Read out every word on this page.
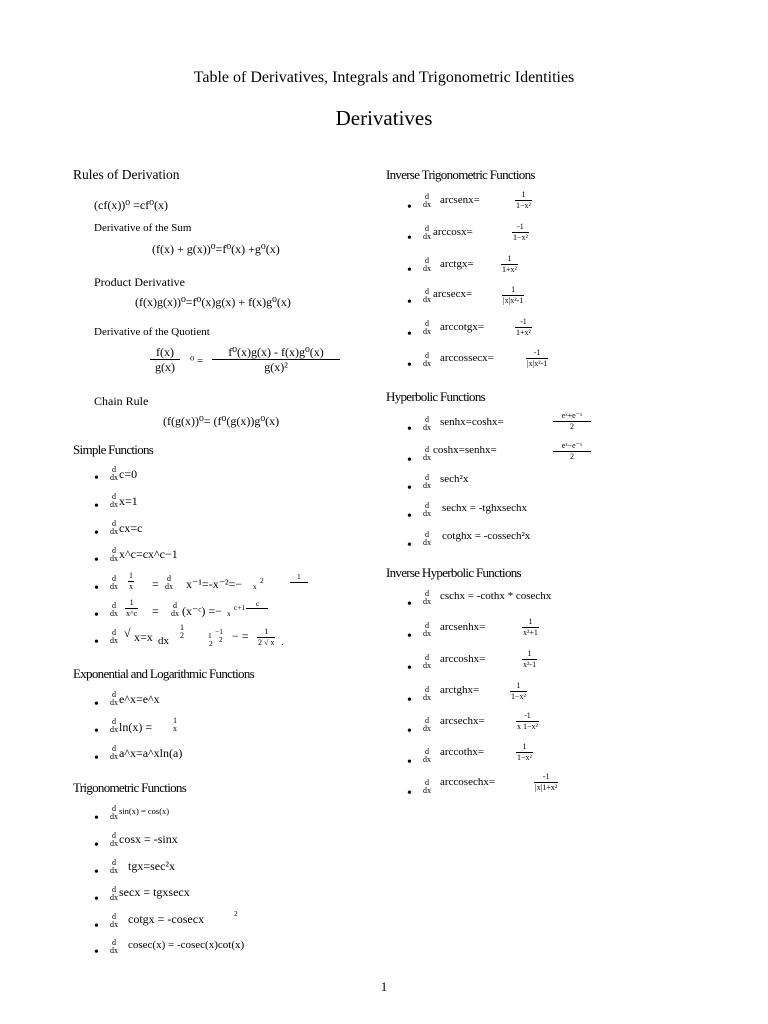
Table of Derivatives, Integrals and Trigonometric Identities
Derivatives
Rules of Derivation
(cf(x))⁰ =cf⁰(x)
Derivative of the Sum
(f(x) + g(x))⁰=f⁰(x) +g⁰(x)
Product Derivative
(f(x)g(x))⁰=f⁰(x)g(x) + f(x)g⁰(x)
Derivative of the Quotient
f(x)
g(x)	⁰ =
f⁰(x)g(x) - f(x)g⁰(x)
g(x)²
Chain Rule
(f(g(x))⁰= (f⁰(g(x))g⁰(x)
Simple Functions
•
d
dx c=0
•
d
dx x=1
•
d
dx cx=c
•
d
dx x^c=cx^c−1
•
d
dx
1
x =	d
dx x⁻¹=-x⁻²=− x
2	1
•
d
dx
1
x^c =	d
dx (x⁻ᶜ) =− x
c+1 c
•
d
dx
√ x=x dx
1
2	1
2
−1
2 − =	1
2 √ x .
Exponential and Logarithmic Functions
•
d
dx e^x=e^x
•
d
dx ln(x) =	1
x
•
d
dx a^x=a^xln(a)
Trigonometric Functions
•
d
dx
sin(x) = cos(x)
•
d
dx cosx = -sinx
•
d
dx tgx=sec²x
•
d
dx secx = tgxsecx
•
d
dx cotgx = -cosecx	2
•
d
dx cosec(x) = -cosec(x)cot(x)
Inverse Trigonometric Functions
•
d
dx arcsenx=	1
1−x²
•
d
dx arccosx=	-1
1−x²
•
d
dx arctgx=	1
1+x²
•
d
dx arcsecx=	1
|x|x²-1
•
d
dx arccotgx=	-1
1+x²
•
d
dx arccossecx=	-1
|x|x²-1
Hyperbolic Functions
•
d
dx senhx=coshx=
eˣ+e⁻ˣ
2
•
d
dx
coshx=senhx=	eˣ−e⁻ˣ
2
•
d
dx
sech²x
•
d
dx sechx = -tghxsechx
•
d
dx
cotghx = -cossech²x
Inverse Hyperbolic Functions
•
d
dx cschx = -cothx * cosechx
•
d
dx
arcsenhx=	1
x²+1
•
d
dx
arccoshx=	1
x²-1
•
d
dx
arctghx=	1
1−x²
•
d
dx
arcsechx=	-1
x 1−x²
•
d
dx
arccothx=	1
1−x²
•
d
dx
arccosechx=	-1
|x|1+x²
1
